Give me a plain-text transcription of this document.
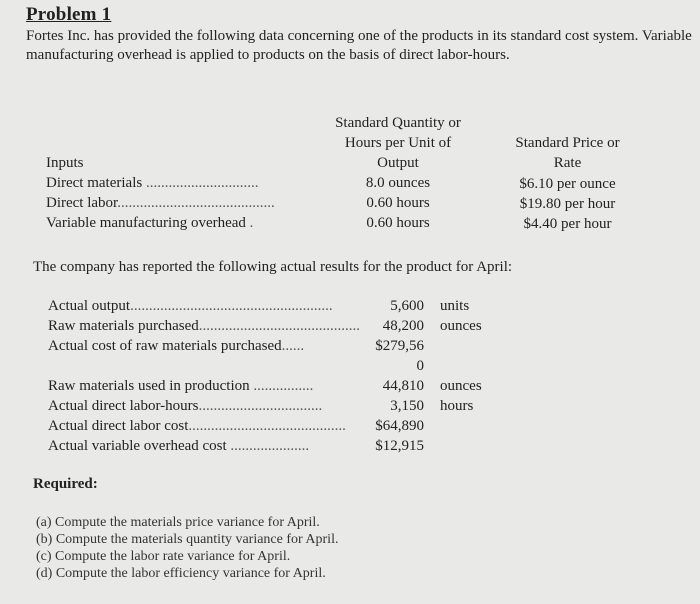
Problem 1
Fortes Inc. has provided the following data concerning one of the products in its standard cost system. Variable manufacturing overhead is applied to products on the basis of direct labor-hours.
Standard Quantity or
Hours per Unit of
Output
Standard Price or
Rate
Inputs
Direct materials ..............................	8.0 ounces	$6.10 per ounce
Direct labor..........................................	0.60 hours	$19.80 per hour
Variable manufacturing overhead .	0.60 hours	$4.40 per hour
The company has reported the following actual results for the product for April:
Actual output......................................................	5,600 units
Raw materials purchased...........................................	48,200 ounces
Actual cost of raw materials purchased......	$279,56
0
Raw materials used in production ................	44,810 ounces
Actual direct labor-hours.................................	3,150 hours
Actual direct labor cost..........................................	$64,890
Actual variable overhead cost .....................	$12,915
Required:
(a) Compute the materials price variance for April.
(b) Compute the materials quantity variance for April.
(c) Compute the labor rate variance for April.
(d) Compute the labor efficiency variance for April.
